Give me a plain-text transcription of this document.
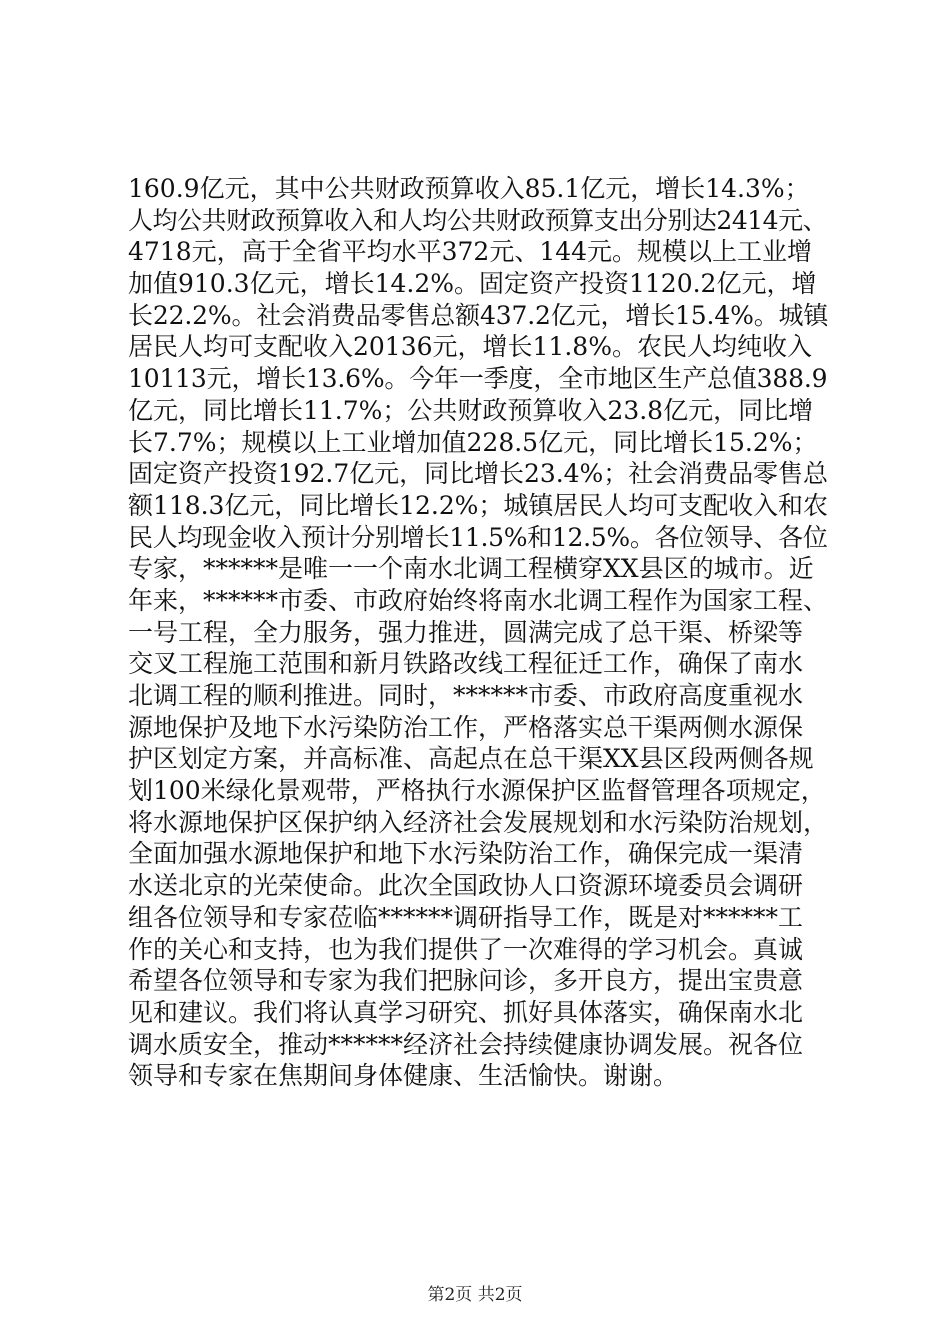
160.9亿元，其中公共财政预算收入85.1亿元，增长14.3%；
人均公共财政预算收入和人均公共财政预算支出分别达2414元、
4718元，高于全省平均水平372元、144元。规模以上工业增
加值910.3亿元，增长14.2%。固定资产投资1120.2亿元，增
长22.2%。社会消费品零售总额437.2亿元，增长15.4%。城镇
居民人均可支配收入20136元，增长11.8%。农民人均纯收入
10113元，增长13.6%。今年一季度，全市地区生产总值388.9
亿元，同比增长11.7%；公共财政预算收入23.8亿元，同比增
长7.7%；规模以上工业增加值228.5亿元，同比增长15.2%；
固定资产投资192.7亿元，同比增长23.4%；社会消费品零售总
额118.3亿元，同比增长12.2%；城镇居民人均可支配收入和农
民人均现金收入预计分别增长11.5%和12.5%。各位领导、各位
专家，******是唯一一个南水北调工程横穿XX县区的城市。近
年来，******市委、市政府始终将南水北调工程作为国家工程、
一号工程，全力服务，强力推进，圆满完成了总干渠、桥梁等
交叉工程施工范围和新月铁路改线工程征迁工作，确保了南水
北调工程的顺利推进。同时，******市委、市政府高度重视水
源地保护及地下水污染防治工作，严格落实总干渠两侧水源保
护区划定方案，并高标准、高起点在总干渠XX县区段两侧各规
划100米绿化景观带，严格执行水源保护区监督管理各项规定，
将水源地保护区保护纳入经济社会发展规划和水污染防治规划，
全面加强水源地保护和地下水污染防治工作，确保完成一渠清
水送北京的光荣使命。此次全国政协人口资源环境委员会调研
组各位领导和专家莅临******调研指导工作，既是对******工
作的关心和支持，也为我们提供了一次难得的学习机会。真诚
希望各位领导和专家为我们把脉问诊，多开良方，提出宝贵意
见和建议。我们将认真学习研究、抓好具体落实，确保南水北
调水质安全，推动******经济社会持续健康协调发展。祝各位
领导和专家在焦期间身体健康、生活愉快。谢谢。
第2页 共2页
